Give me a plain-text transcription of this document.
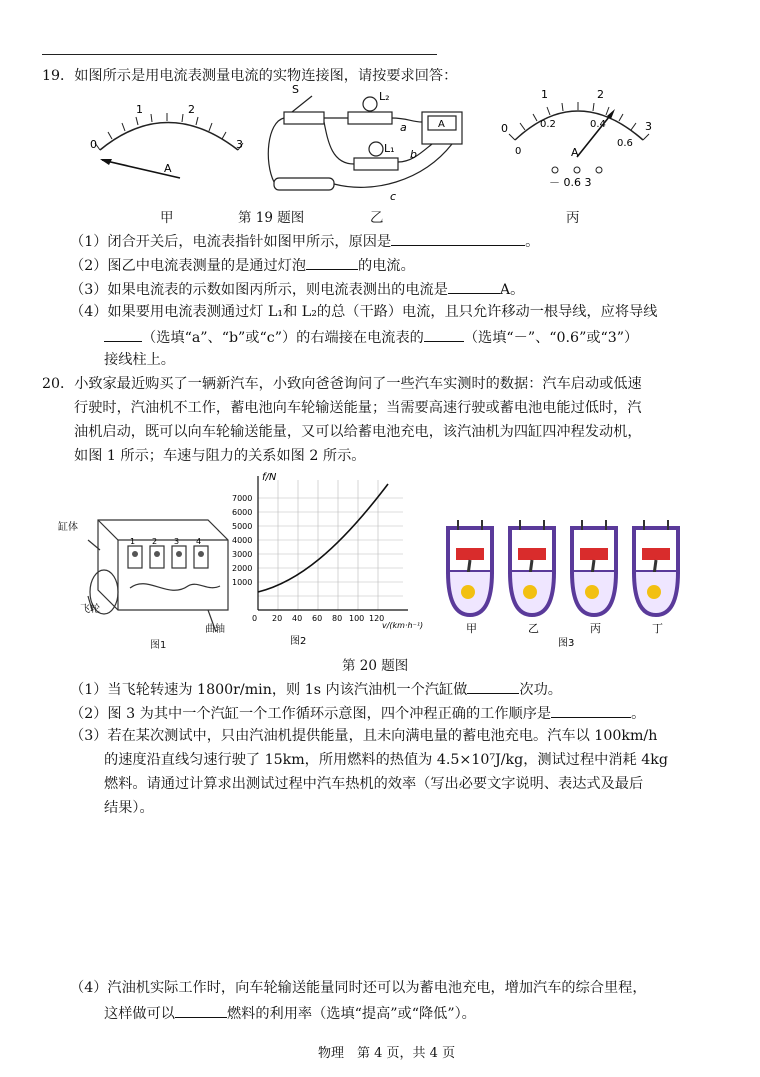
19．如图所示是用电流表测量电流的实物连接图，请按要求回答：
0
1	2
3
A
S
L₂
L₁
A
a
b
c
0
1	2
3
0
0.2	0.4
0.6
A
－ 0.6 3
甲	第 19 题图	乙	丙
（1）闭合开关后，电流表指针如图甲所示，原因是	。
（2）图乙中电流表测量的是通过灯泡	的电流。
（3）如果电流表的示数如图丙所示，则电流表测出的电流是	A。
（4）如果要用电流表测通过灯 L₁和 L₂的总（干路）电流，且只允许移动一根导线，应将导线
（选填“a”、“b”或“c”）的右端接在电流表的	（选填“－”、“0.6”或“3”）
接线柱上。
20．小致家最近购买了一辆新汽车，小致向爸爸询问了一些汽车实测时的数据：汽车启动或低速
行驶时，汽油机不工作，蓄电池向车轮输送能量；当需要高速行驶或蓄电池电能过低时，汽
油机启动，既可以向车轮输送能量，又可以给蓄电池充电，该汽油机为四缸四冲程发动机，
如图 1 所示；车速与阻力的关系如图 2 所示。
1 2 3 4
缸体
飞轮
曲轴
图1
f/N
7000
6000
5000
4000
3000
2000
1000
0 20 40 60 80 100 120
v/(km·h⁻¹)
图2
甲	乙	丙	丁
图3
第 20 题图
（1）当飞轮转速为 1800r/min，则 1s 内该汽油机一个汽缸做	次功。
（2）图 3 为其中一个汽缸一个工作循环示意图，四个冲程正确的工作顺序是	。
（3）若在某次测试中，只由汽油机提供能量，且未向满电量的蓄电池充电。汽车以 100km/h
的速度沿直线匀速行驶了 15km，所用燃料的热值为 4.5×10⁷J/kg，测试过程中消耗 4kg
燃料。请通过计算求出测试过程中汽车热机的效率（写出必要文字说明、表达式及最后
结果）。
（4）汽油机实际工作时，向车轮输送能量同时还可以为蓄电池充电，增加汽车的综合里程，
这样做可以	燃料的利用率（选填“提高”或“降低”）。
物理　第 4 页，共 4 页
